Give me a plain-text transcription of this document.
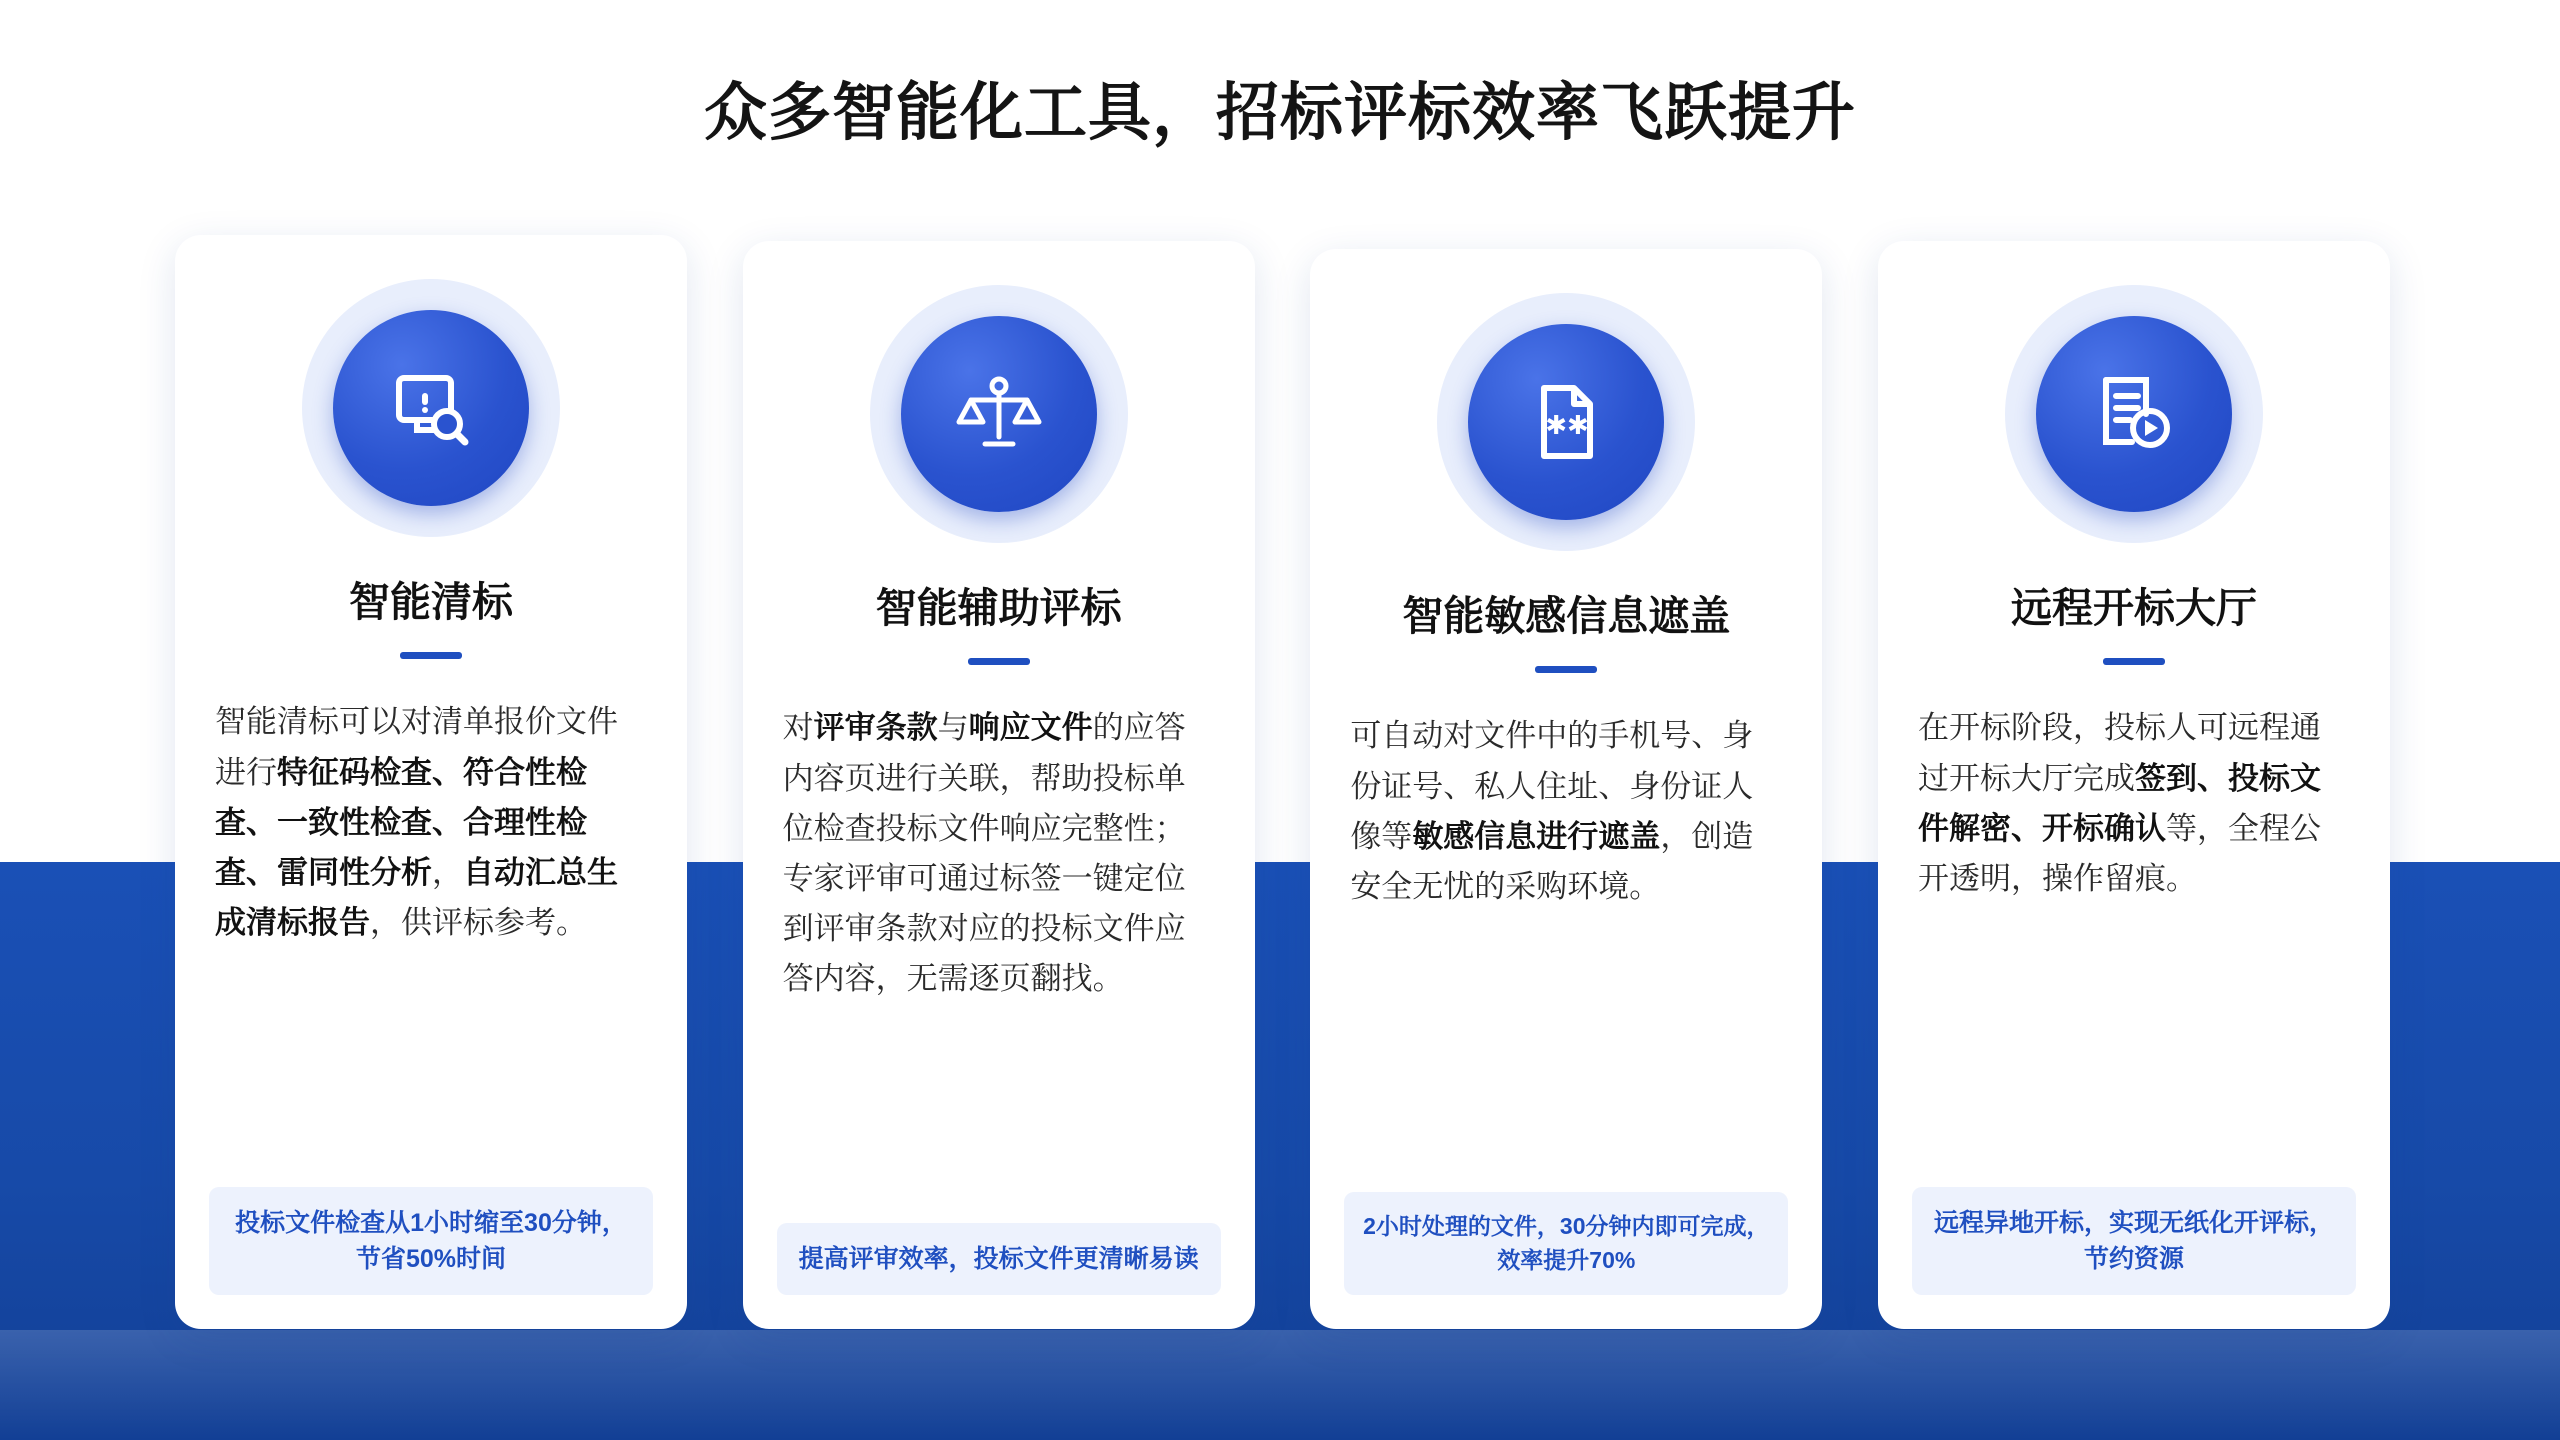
众多智能化工具，招标评标效率飞跃提升
智能清标
智能清标可以对清单报价文件进行特征码检查、符合性检查、一致性检查、合理性检查、雷同性分析，自动汇总生成清标报告，供评标参考。
投标文件检查从1小时缩至30分钟，节省50%时间
智能辅助评标
对评审条款与响应文件的应答内容页进行关联，帮助投标单位检查投标文件响应完整性；专家评审可通过标签一键定位到评审条款对应的投标文件应答内容，无需逐页翻找。
提高评审效率，投标文件更清晰易读
✱✱
智能敏感信息遮盖
可自动对文件中的手机号、身份证号、私人住址、身份证人像等敏感信息进行遮盖，创造安全无忧的采购环境。
2小时处理的文件，30分钟内即可完成，效率提升70%
远程开标大厅
在开标阶段，投标人可远程通过开标大厅完成签到、投标文件解密、开标确认等，全程公开透明，操作留痕。
远程异地开标，实现无纸化开评标，节约资源
